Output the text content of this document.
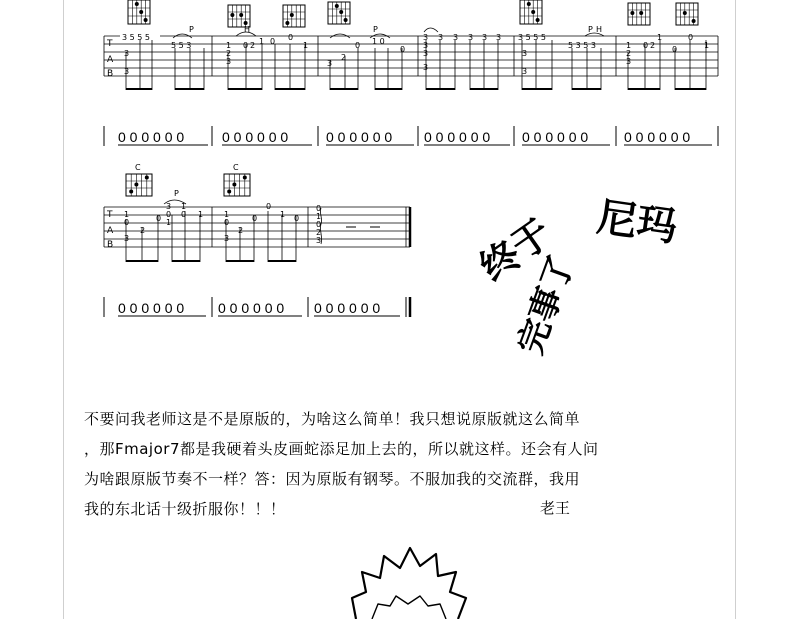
T
A
B
3 5 5 5
3
3
5 5 3	1
2
3
0 2 1 0 0
1
3
2
0 1 0
0
3
3
3
3
3 3 3 3 3 3 5 5 5
3
3
5 3 5 3	1
2
3
0 2
1
0
0
1
P	H	P	P H
0 0 0 0 0 0	0 0 0 0 0 0	0 0 0 0 0 0 0 0 0 0 0 0 0 0 0 0 0 0	0 0 0 0 0 0
C	C
T
A
B
1
0
3
2
0
3
0
1
1
0 1	1
0
3
2
0
0
1 0
0
1
0
2
3
P
0 0 0 0 0 0 0 0 0 0 0 0 0 0 0 0 0 0
尼玛
终于
完事了

不要问我老师这是不是原版的，为啥这么简单！我只想说原版就这么简单

，那Fmajor7都是我硬着头皮画蛇添足加上去的，所以就这样。还会有人问

为啥跟原版节奏不一样？答：因为原版有钢琴。不服加我的交流群，我用

我的东北话十级折服你！！！	老王
